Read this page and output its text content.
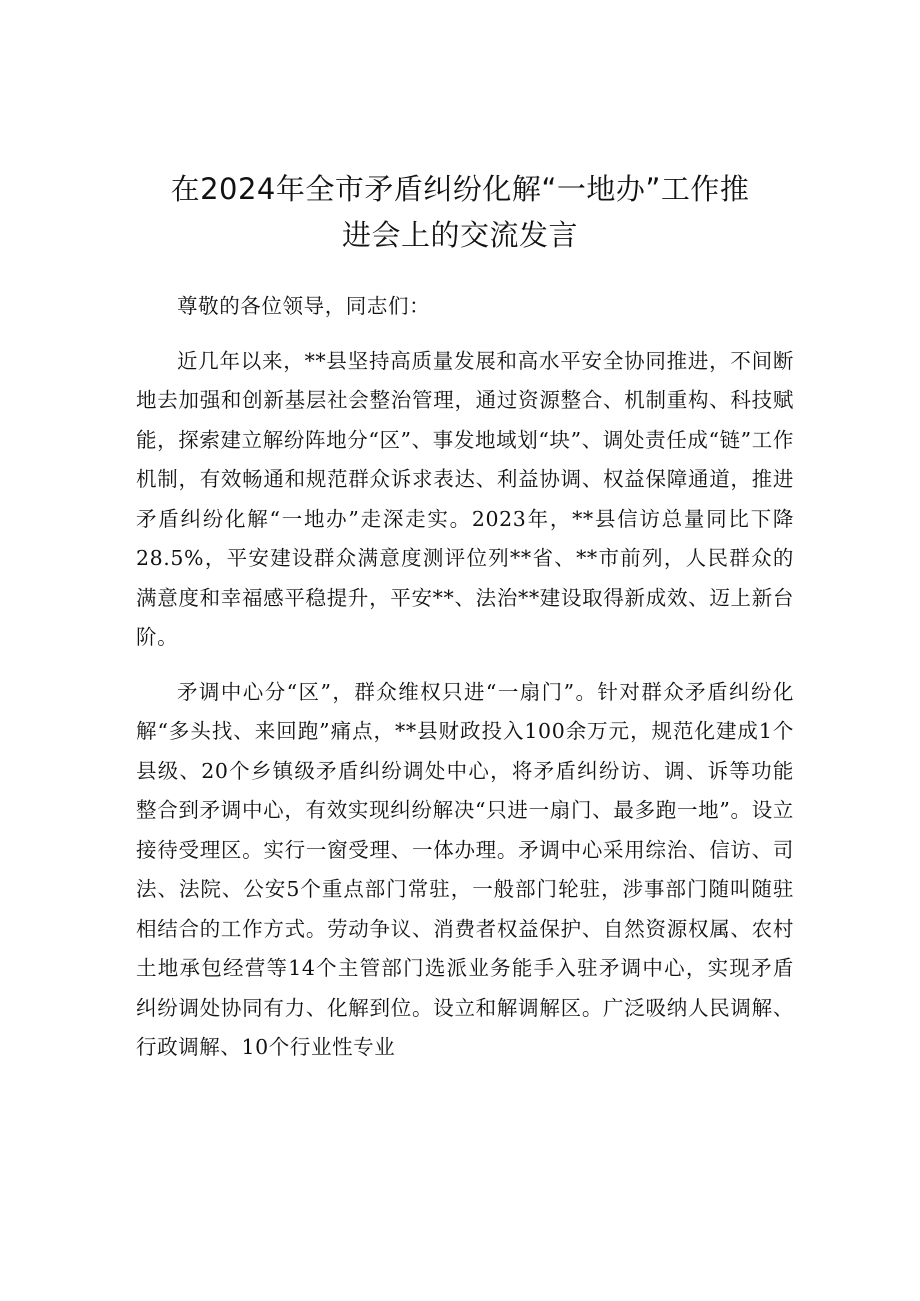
在2024年全市矛盾纠纷化解“一地办”工作推
进会上的交流发言

尊敬的各位领导，同志们：

近几年以来，**县坚持高质量发展和高水平安全协同推进，不间断地去加强和创新基层社会整治管理，通过资源整合、机制重构、科技赋能，探索建立解纷阵地分“区”、事发地域划“块”、调处责任成“链”工作机制，有效畅通和规范群众诉求表达、利益协调、权益保障通道，推进矛盾纠纷化解“一地办”走深走实。2023年，**县信访总量同比下降28.5%，平安建设群众满意度测评位列**省、**市前列，人民群众的满意度和幸福感平稳提升，平安**、法治**建设取得新成效、迈上新台阶。

矛调中心分“区”，群众维权只进“一扇门”。针对群众矛盾纠纷化解“多头找、来回跑”痛点，**县财政投入100余万元，规范化建成1个县级、20个乡镇级矛盾纠纷调处中心，将矛盾纠纷访、调、诉等功能整合到矛调中心，有效实现纠纷解决“只进一扇门、最多跑一地”。设立接待受理区。实行一窗受理、一体办理。矛调中心采用综治、信访、司法、法院、公安5个重点部门常驻，一般部门轮驻，涉事部门随叫随驻相结合的工作方式。劳动争议、消费者权益保护、自然资源权属、农村土地承包经营等14个主管部门选派业务能手入驻矛调中心，实现矛盾纠纷调处协同有力、化解到位。设立和解调解区。广泛吸纳人民调解、行政调解、10个行业性专业
